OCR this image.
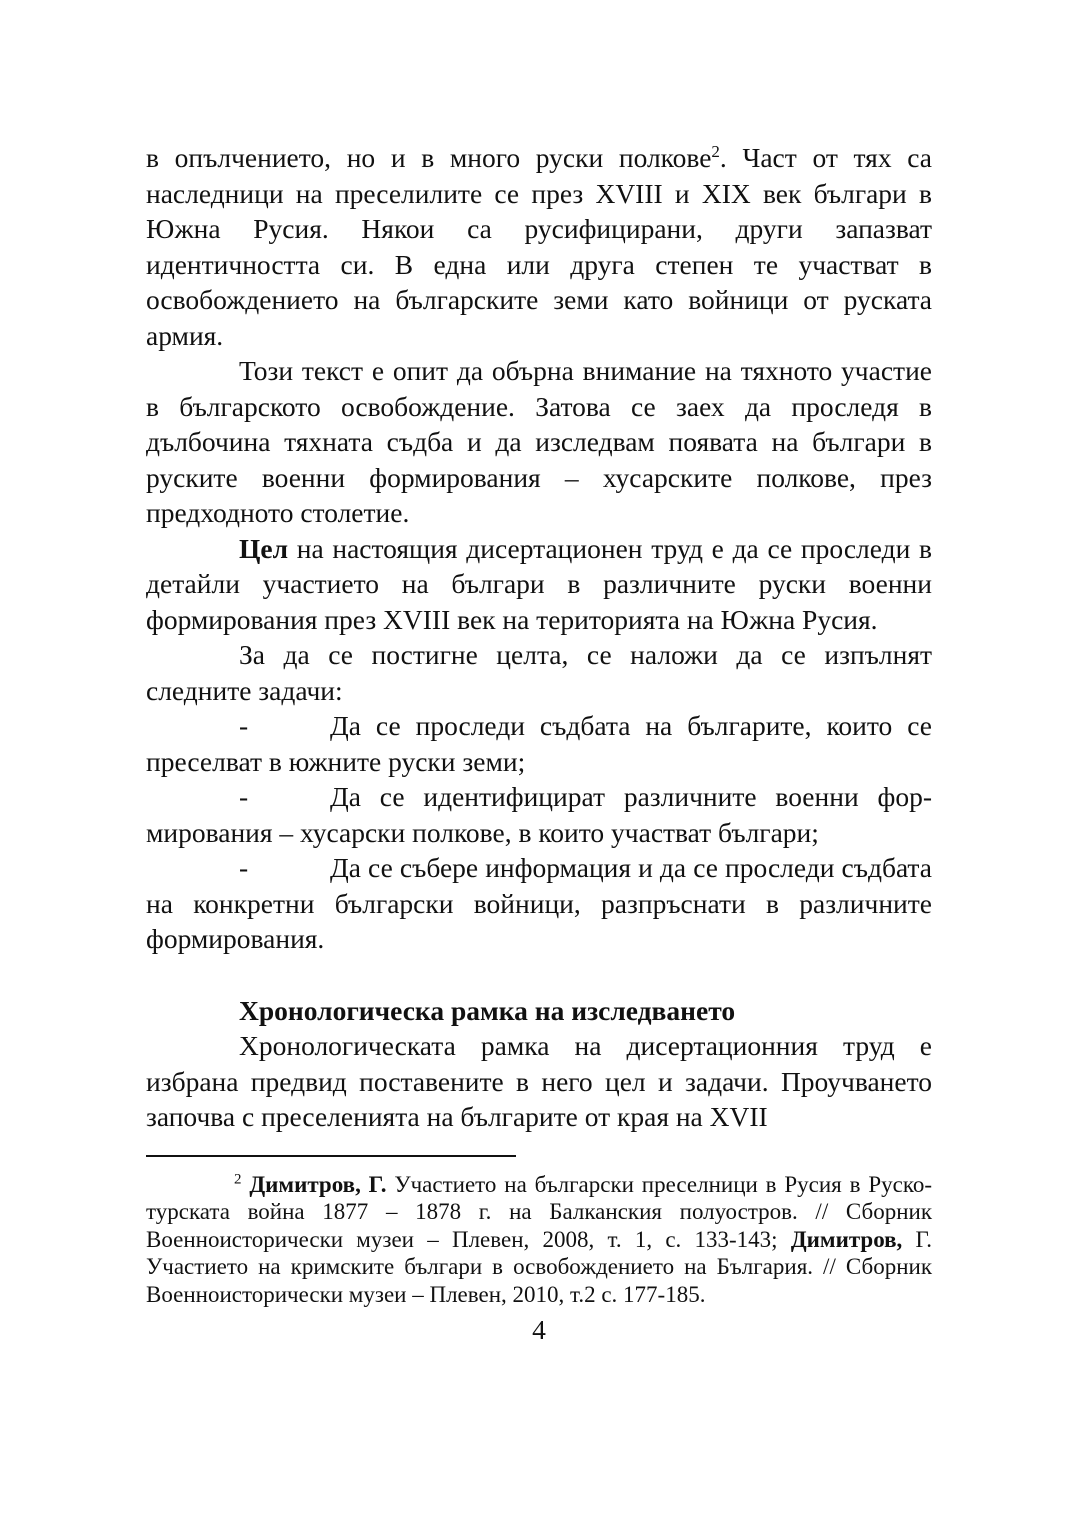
в опълчението, но и в много руски полкове$^2$. Част от тях са наследници на преселилите се през XVIII и XIX век българи в Южна Русия. Някои са русифицирани, други запазват идентичността си. В една или друга степен те участват в освобождението на българските земи като войници от руската армия.

Този текст е опит да обърна внимание на тяхното участие в българското освобождение. Затова се заех да проследя в дълбочина тяхната съдба и да изследвам появата на българи в руските военни формирования – хусарските полкове, през предходното столетие.

Цел на настоящия дисертационен труд е да се проследи в детайли участието на българи в различните руски военни формирования през XVIII век на територията на Южна Русия.

За да се постигне целта, се наложи да се изпълнят следните задачи:

-	Да се проследи съдбата на българите, които се преселват в южните руски земи;

-	Да се идентифицират различните военни формирования – хусарски полкове, в които участват българи;

-	Да се събере информация и да се проследи съдбата на конкретни български войници, разпръснати в различните формирования.

Хронологическа рамка на изследването

Хронологическата рамка на дисертационния труд е избрана предвид поставените в него цел и задачи. Проучването започва с преселенията на българите от края на XVII

$^2$ Димитров, Г. Участието на български преселници в Русия в Руско-турската война 1877 – 1878 г. на Балканския полуостров. // Сборник Военноисторически музеи – Плевен, 2008, т. 1, с. 133-143; Димитров, Г. Участието на кримските българи в освобождението на България. // Сборник Военноисторически музеи – Плевен, 2010, т.2 с. 177-185.

4
